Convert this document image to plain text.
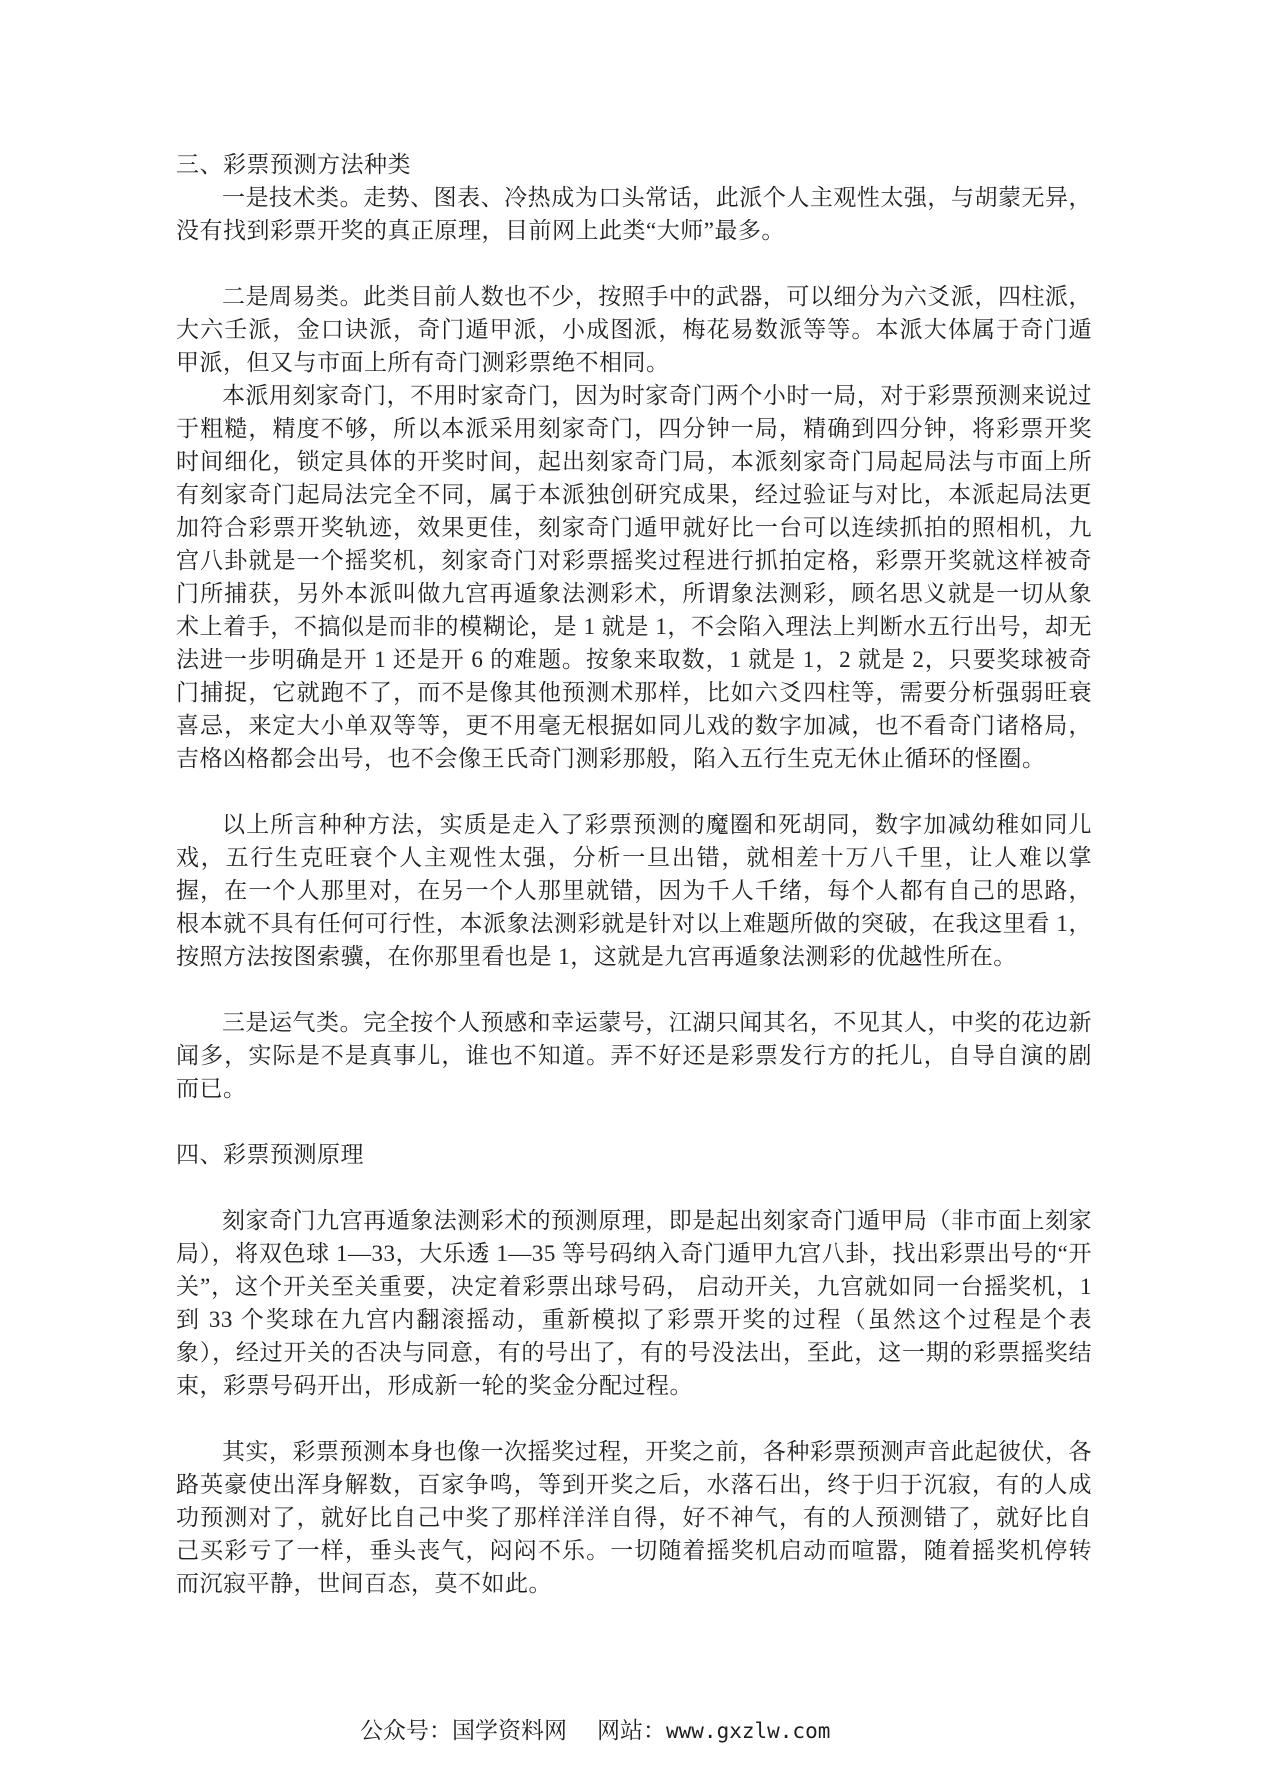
三、彩票预测方法种类

一是技术类。走势、图表、冷热成为口头常话，此派个人主观性太强，与胡蒙无异，没有找到彩票开奖的真正原理，目前网上此类“大师”最多。

二是周易类。此类目前人数也不少，按照手中的武器，可以细分为六爻派，四柱派，大六壬派，金口诀派，奇门遁甲派，小成图派，梅花易数派等等。本派大体属于奇门遁甲派，但又与市面上所有奇门测彩票绝不相同。

本派用刻家奇门，不用时家奇门，因为时家奇门两个小时一局，对于彩票预测来说过于粗糙，精度不够，所以本派采用刻家奇门，四分钟一局，精确到四分钟，将彩票开奖时间细化，锁定具体的开奖时间，起出刻家奇门局，本派刻家奇门局起局法与市面上所有刻家奇门起局法完全不同，属于本派独创研究成果，经过验证与对比，本派起局法更加符合彩票开奖轨迹，效果更佳，刻家奇门遁甲就好比一台可以连续抓拍的照相机，九宫八卦就是一个摇奖机，刻家奇门对彩票摇奖过程进行抓拍定格，彩票开奖就这样被奇门所捕获，另外本派叫做九宫再遁象法测彩术，所谓象法测彩，顾名思义就是一切从象术上着手，不搞似是而非的模糊论，是 1 就是 1，不会陷入理法上判断水五行出号，却无法进一步明确是开 1 还是开 6 的难题。按象来取数，1 就是 1，2 就是 2，只要奖球被奇门捕捉，它就跑不了，而不是像其他预测术那样，比如六爻四柱等，需要分析强弱旺衰喜忌，来定大小单双等等，更不用毫无根据如同儿戏的数字加减，也不看奇门诸格局，吉格凶格都会出号，也不会像王氏奇门测彩那般，陷入五行生克无休止循环的怪圈。

以上所言种种方法，实质是走入了彩票预测的魔圈和死胡同，数字加减幼稚如同儿戏，五行生克旺衰个人主观性太强，分析一旦出错，就相差十万八千里，让人难以掌握，在一个人那里对，在另一个人那里就错，因为千人千绪，每个人都有自己的思路，根本就不具有任何可行性，本派象法测彩就是针对以上难题所做的突破，在我这里看 1，按照方法按图索骥，在你那里看也是 1，这就是九宫再遁象法测彩的优越性所在。

三是运气类。完全按个人预感和幸运蒙号，江湖只闻其名，不见其人，中奖的花边新闻多，实际是不是真事儿，谁也不知道。弄不好还是彩票发行方的托儿，自导自演的剧而已。

四、彩票预测原理

刻家奇门九宫再遁象法测彩术的预测原理，即是起出刻家奇门遁甲局（非市面上刻家局），将双色球 1—33，大乐透 1—35 等号码纳入奇门遁甲九宫八卦，找出彩票出号的“开关”，这个开关至关重要，决定着彩票出球号码， 启动开关，九宫就如同一台摇奖机，1 到 33 个奖球在九宫内翻滚摇动，重新模拟了彩票开奖的过程（虽然这个过程是个表象），经过开关的否决与同意，有的号出了，有的号没法出，至此，这一期的彩票摇奖结束，彩票号码开出，形成新一轮的奖金分配过程。

其实，彩票预测本身也像一次摇奖过程，开奖之前，各种彩票预测声音此起彼伏，各路英豪使出浑身解数，百家争鸣，等到开奖之后，水落石出，终于归于沉寂，有的人成功预测对了，就好比自己中奖了那样洋洋自得，好不神气，有的人预测错了，就好比自己买彩亏了一样，垂头丧气，闷闷不乐。一切随着摇奖机启动而喧嚣，随着摇奖机停转而沉寂平静，世间百态，莫不如此。

公众号：国学资料网 网站：www.gxzlw.com
